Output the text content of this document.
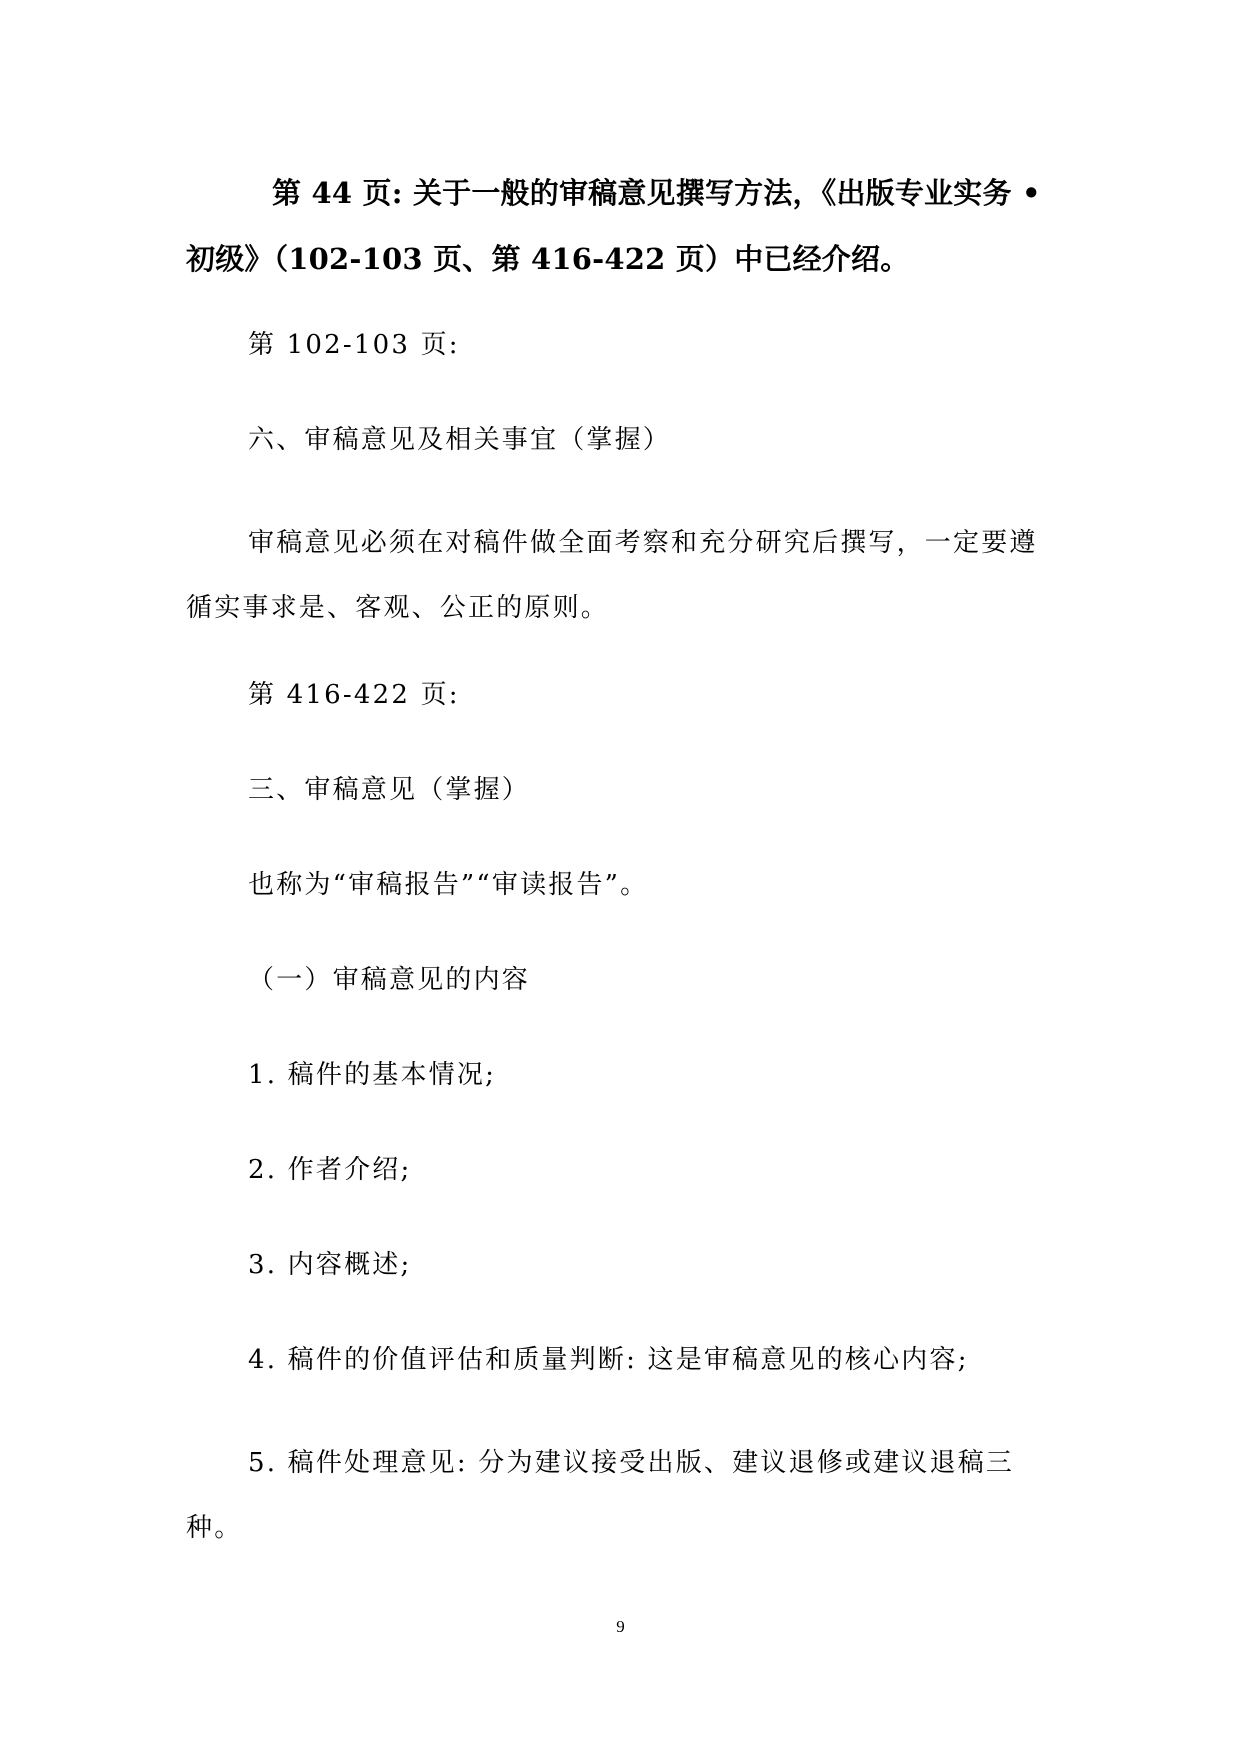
第 44 页: 关于一般的审稿意见撰写方法，《出版专业实务 • 初级》（102-103 页、第 416-422 页）中已经介绍。

第 102-103 页:

六、审稿意见及相关事宜（掌握）

审稿意见必须在对稿件做全面考察和充分研究后撰写，一定要遵循实事求是、客观、公正的原则。

第 416-422 页:

三、审稿意见（掌握）

也称为“审稿报告”“审读报告”。

（一）审稿意见的内容

1. 稿件的基本情况;

2. 作者介绍;

3. 内容概述;

4. 稿件的价值评估和质量判断: 这是审稿意见的核心内容;

5. 稿件处理意见: 分为建议接受出版、建议退修或建议退稿三种。

9
